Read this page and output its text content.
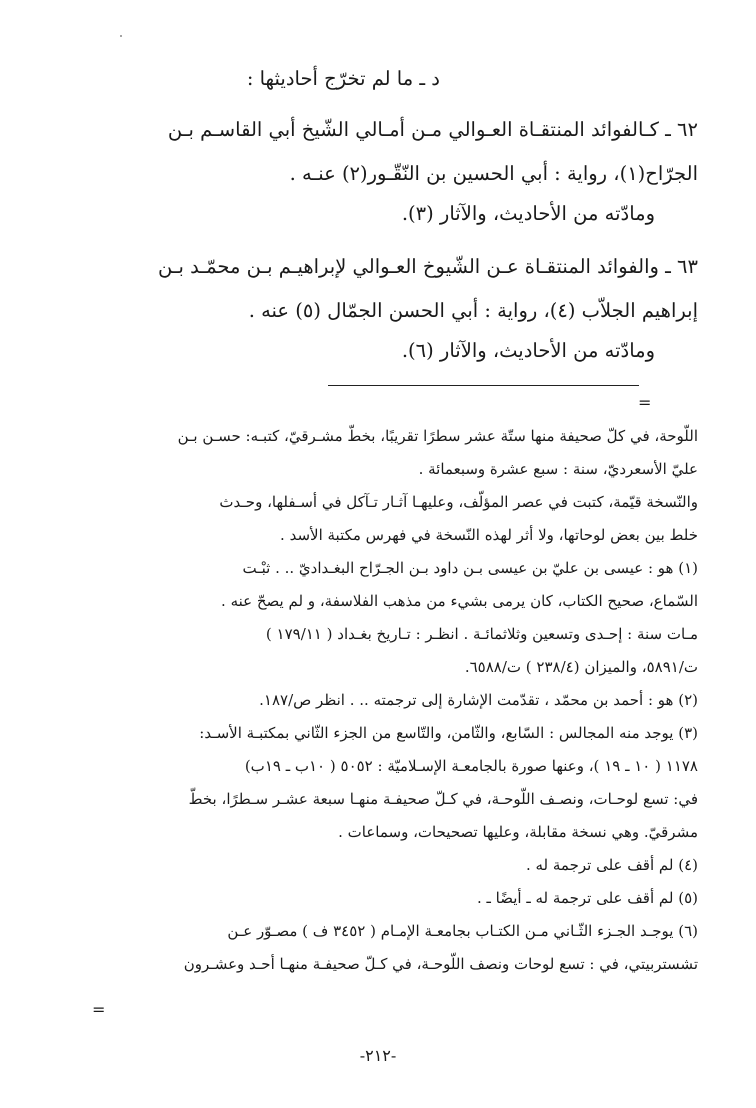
د ـ ما لم تخرّج أحاديثها :
٦٢ ـ كـالفوائد المنتقـاة العـوالي مـن أمـالي الشّيخ أبي القاسـم بـن
الجرّاح(١)، رواية : أبي الحسين بن النّقّـور(٢) عنـه .
ومادّته من الأحاديث، والآثار (٣).
٦٣ ـ والفوائد المنتقـاة عـن الشّيوخ العـوالي لإبراهيـم بـن محمّـد بـن
إبراهيم الجلاّب (٤)، رواية : أبي الحسن الجمّال (٥) عنه .
ومادّته من الأحاديث، والآثار (٦).
=
اللّوحة، في كلّ صحيفة منها ستّة عشر سطرًا تقريبًا، بخطّ مشـرقيّ، كتبـه: حسـن بـن
عليّ الأسعرديّ، سنة : سبع عشرة وسبعمائة .
والنّسخة قيّمة، كتبت في عصر المؤلّف، وعليهـا آثـار تـآكل في أسـفلها، وحـدث
خلط بين بعض لوحاتها، ولا أثر لهذه النّسخة في فهرس مكتبة الأسد .
(١) هو : عيسى بن عليّ بن عيسى بـن داود بـن الجـرّاح البغـداديّ .. . ثبْـت
السّماع، صحيح الكتاب، كان يرمى بشيء من مذهب الفلاسفة، و لم يصحّ عنه .
مـات سنة : إحـدى وتسعين وثلاثمائـة . انظـر : تـاريخ بغـداد ( ١٧٩/١١ )
ت/٥٨٩١، والميزان (٢٣٨/٤ ) ت/٦٥٨٨.
(٢) هو : أحمد بن محمّد ، تقدّمت الإشارة إلى ترجمته .. . انظر ص/١٨٧.
(٣) يوجد منه المجالس : السّابع، والثّامن، والتّاسع من الجزء الثّاني بمكتبـة الأسـد:
١١٧٨ ( ١٠ ـ ١٩ )، وعنها صورة بالجامعـة الإسـلاميّة : ٥٠٥٢ ( ١٠ب ـ ١٩ب)
في: تسع لوحـات، ونصـف اللّوحـة، في كـلّ صحيفـة منهـا سبعة عشـر سـطرًا، بخطّ
مشرقيّ. وهي نسخة مقابلة، وعليها تصحيحات، وسماعات .
(٤) لم أقف على ترجمة له .
(٥) لم أقف على ترجمة له ـ أيضًا ـ .
(٦) يوجـد الجـزء الثّـاني مـن الكتـاب بجامعـة الإمـام ( ٣٤٥٢ ف ) مصـوّر عـن
تشستربيتي، في : تسع لوحات ونصف اللّوحـة، في كـلّ صحيفـة منهـا أحـد وعشـرون
=
-٢١٢-
